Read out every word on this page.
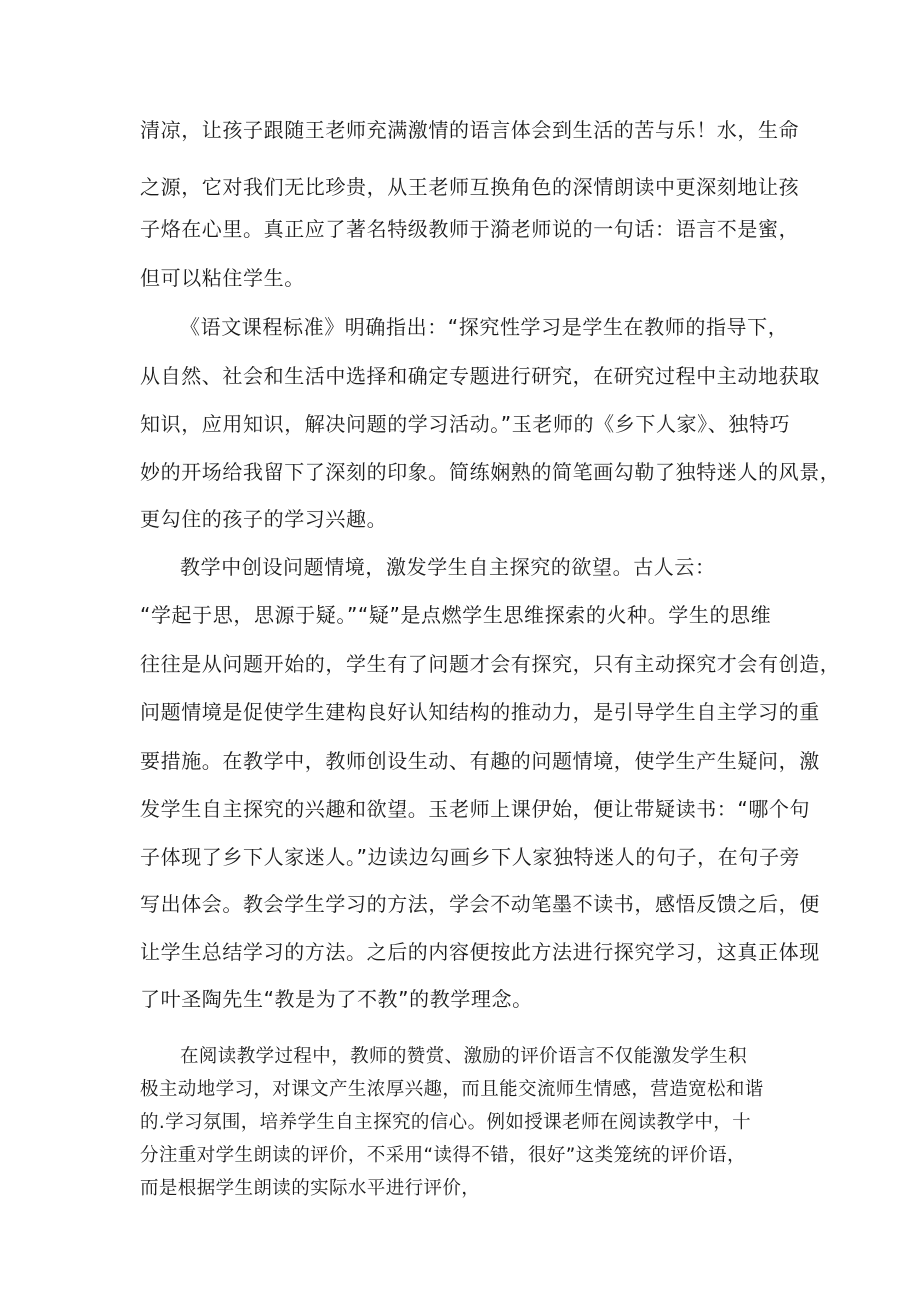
清凉，让孩子跟随王老师充满激情的语言体会到生活的苦与乐！水，生命
之源，它对我们无比珍贵，从王老师互换角色的深情朗读中更深刻地让孩
子烙在心里。真正应了著名特级教师于漪老师说的一句话：语言不是蜜，
但可以粘住学生。
《语文课程标准》明确指出：“探究性学习是学生在教师的指导下，
从自然、社会和生活中选择和确定专题进行研究，在研究过程中主动地获取
知识，应用知识，解决问题的学习活动。”玉老师的《乡下人家》、独特巧
妙的开场给我留下了深刻的印象。简练娴熟的简笔画勾勒了独特迷人的风景，
更勾住的孩子的学习兴趣。
教学中创设问题情境，激发学生自主探究的欲望。古人云：
“学起于思，思源于疑。”“疑”是点燃学生思维探索的火种。学生的思维
往往是从问题开始的，学生有了问题才会有探究，只有主动探究才会有创造，
问题情境是促使学生建构良好认知结构的推动力，是引导学生自主学习的重
要措施。在教学中，教师创设生动、有趣的问题情境，使学生产生疑问，激
发学生自主探究的兴趣和欲望。玉老师上课伊始，便让带疑读书：“哪个句
子体现了乡下人家迷人。”边读边勾画乡下人家独特迷人的句子，在句子旁
写出体会。教会学生学习的方法，学会不动笔墨不读书，感悟反馈之后，便
让学生总结学习的方法。之后的内容便按此方法进行探究学习，这真正体现
了叶圣陶先生“教是为了不教”的教学理念。
在阅读教学过程中，教师的赞赏、激励的评价语言不仅能激发学生积
极主动地学习，对课文产生浓厚兴趣，而且能交流师生情感，营造宽松和谐
的.学习氛围，培养学生自主探究的信心。例如授课老师在阅读教学中，十
分注重对学生朗读的评价，不采用“读得不错，很好”这类笼统的评价语，
而是根据学生朗读的实际水平进行评价，
